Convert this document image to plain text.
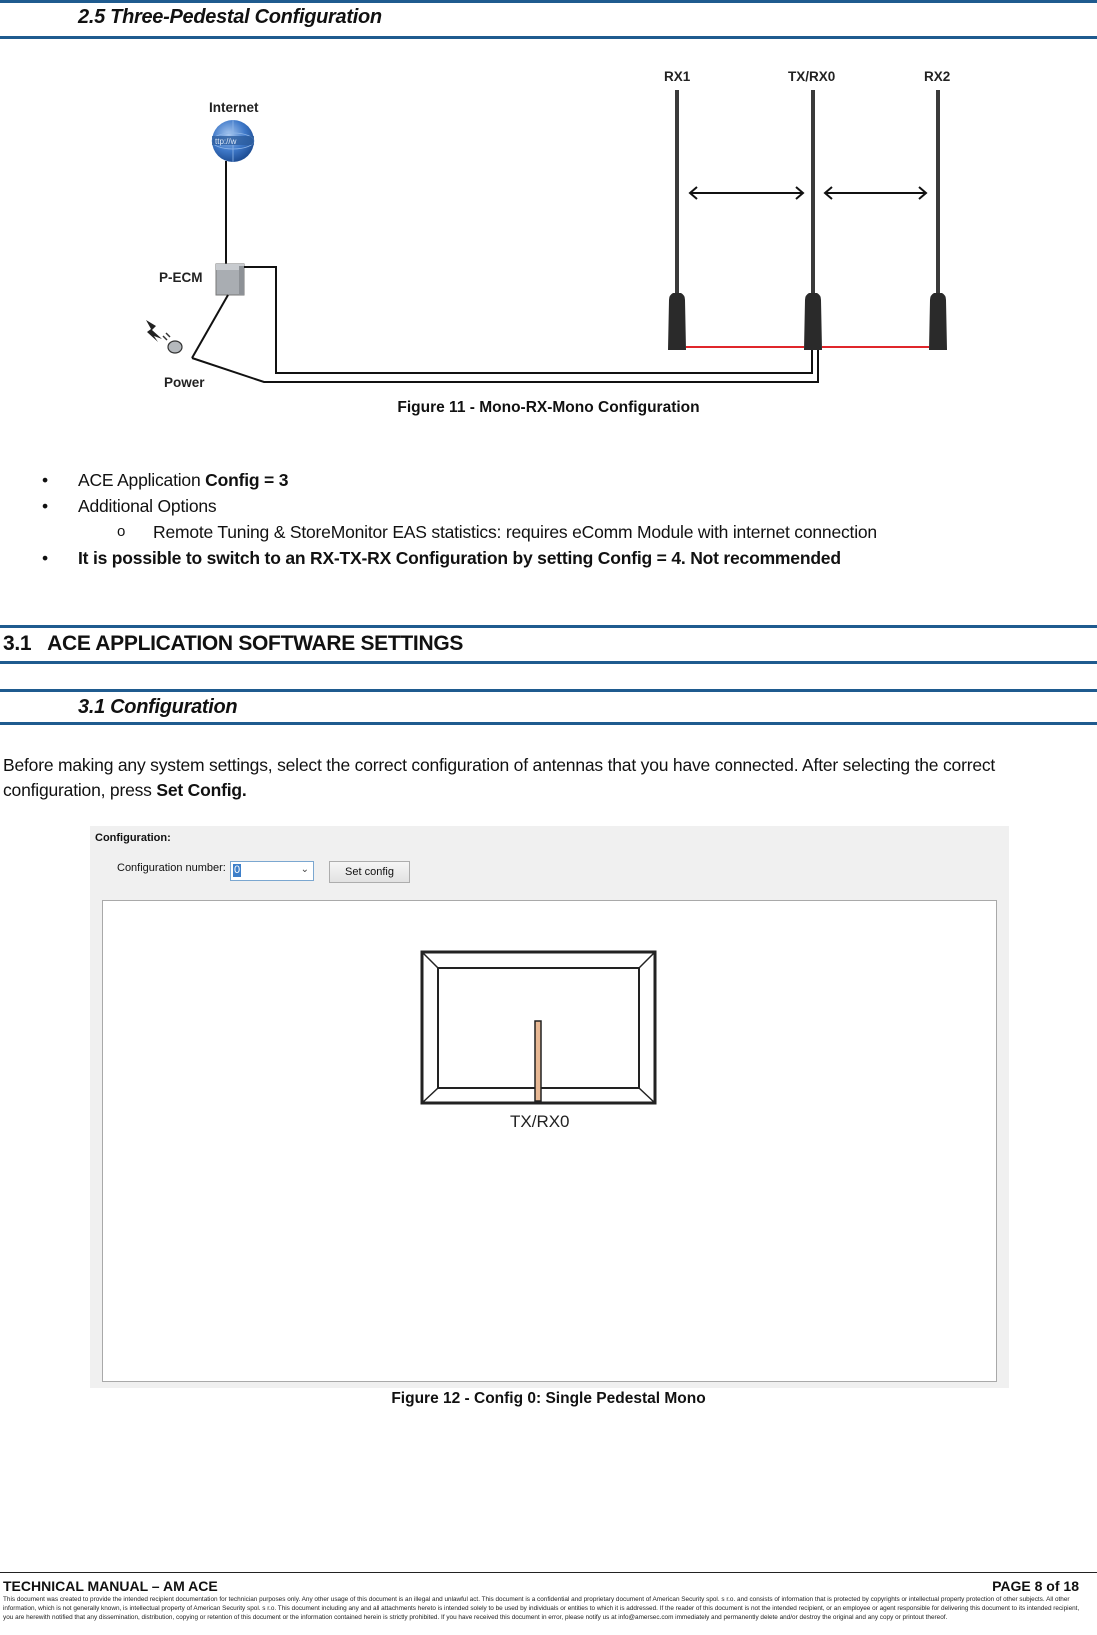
2.5 Three-Pedestal Configuration
ttp://w
Internet
P-ECM
Power
RX1	TX/RX0	RX2
Figure 11 - Mono-RX-Mono Configuration
• ACE Application Config = 3
• Additional Options
o Remote Tuning & StoreMonitor EAS statistics: requires eComm Module with internet connection
• It is possible to switch to an RX-TX-RX Configuration by setting Config = 4. Not recommended
3.1   ACE APPLICATION SOFTWARE SETTINGS
3.1 Configuration
Before making any system settings, select the correct configuration of antennas that you have connected. After selecting the correct configuration, press Set Config.
Configuration:
Configuration number: 0	⌄	Set config
TX/RX0
Figure 12 - Config 0: Single Pedestal Mono
TECHNICAL MANUAL – AM ACE	PAGE 8 of 18
This document was created to provide the intended recipient documentation for technician purposes only. Any other usage of this document is an illegal and unlawful act. This document is a confidential and proprietary document of American Security spol. s r.o. and consists of information that is protected by copyrights or intellectual property protection of other subjects. All other information, which is not generally known, is intellectual property of American Security spol. s r.o. This document including any and all attachments hereto is intended solely to be used by individuals or entities to which it is addressed. If the reader of this document is not the intended recipient, or an employee or agent responsible for delivering this document to its intended recipient, you are herewith notified that any dissemination, distribution, copying or retention of this document or the information contained herein is strictly prohibited. If you have received this document in error, please notify us at info@amersec.com immediately and permanently delete and/or destroy the original and any copy or printout thereof.
